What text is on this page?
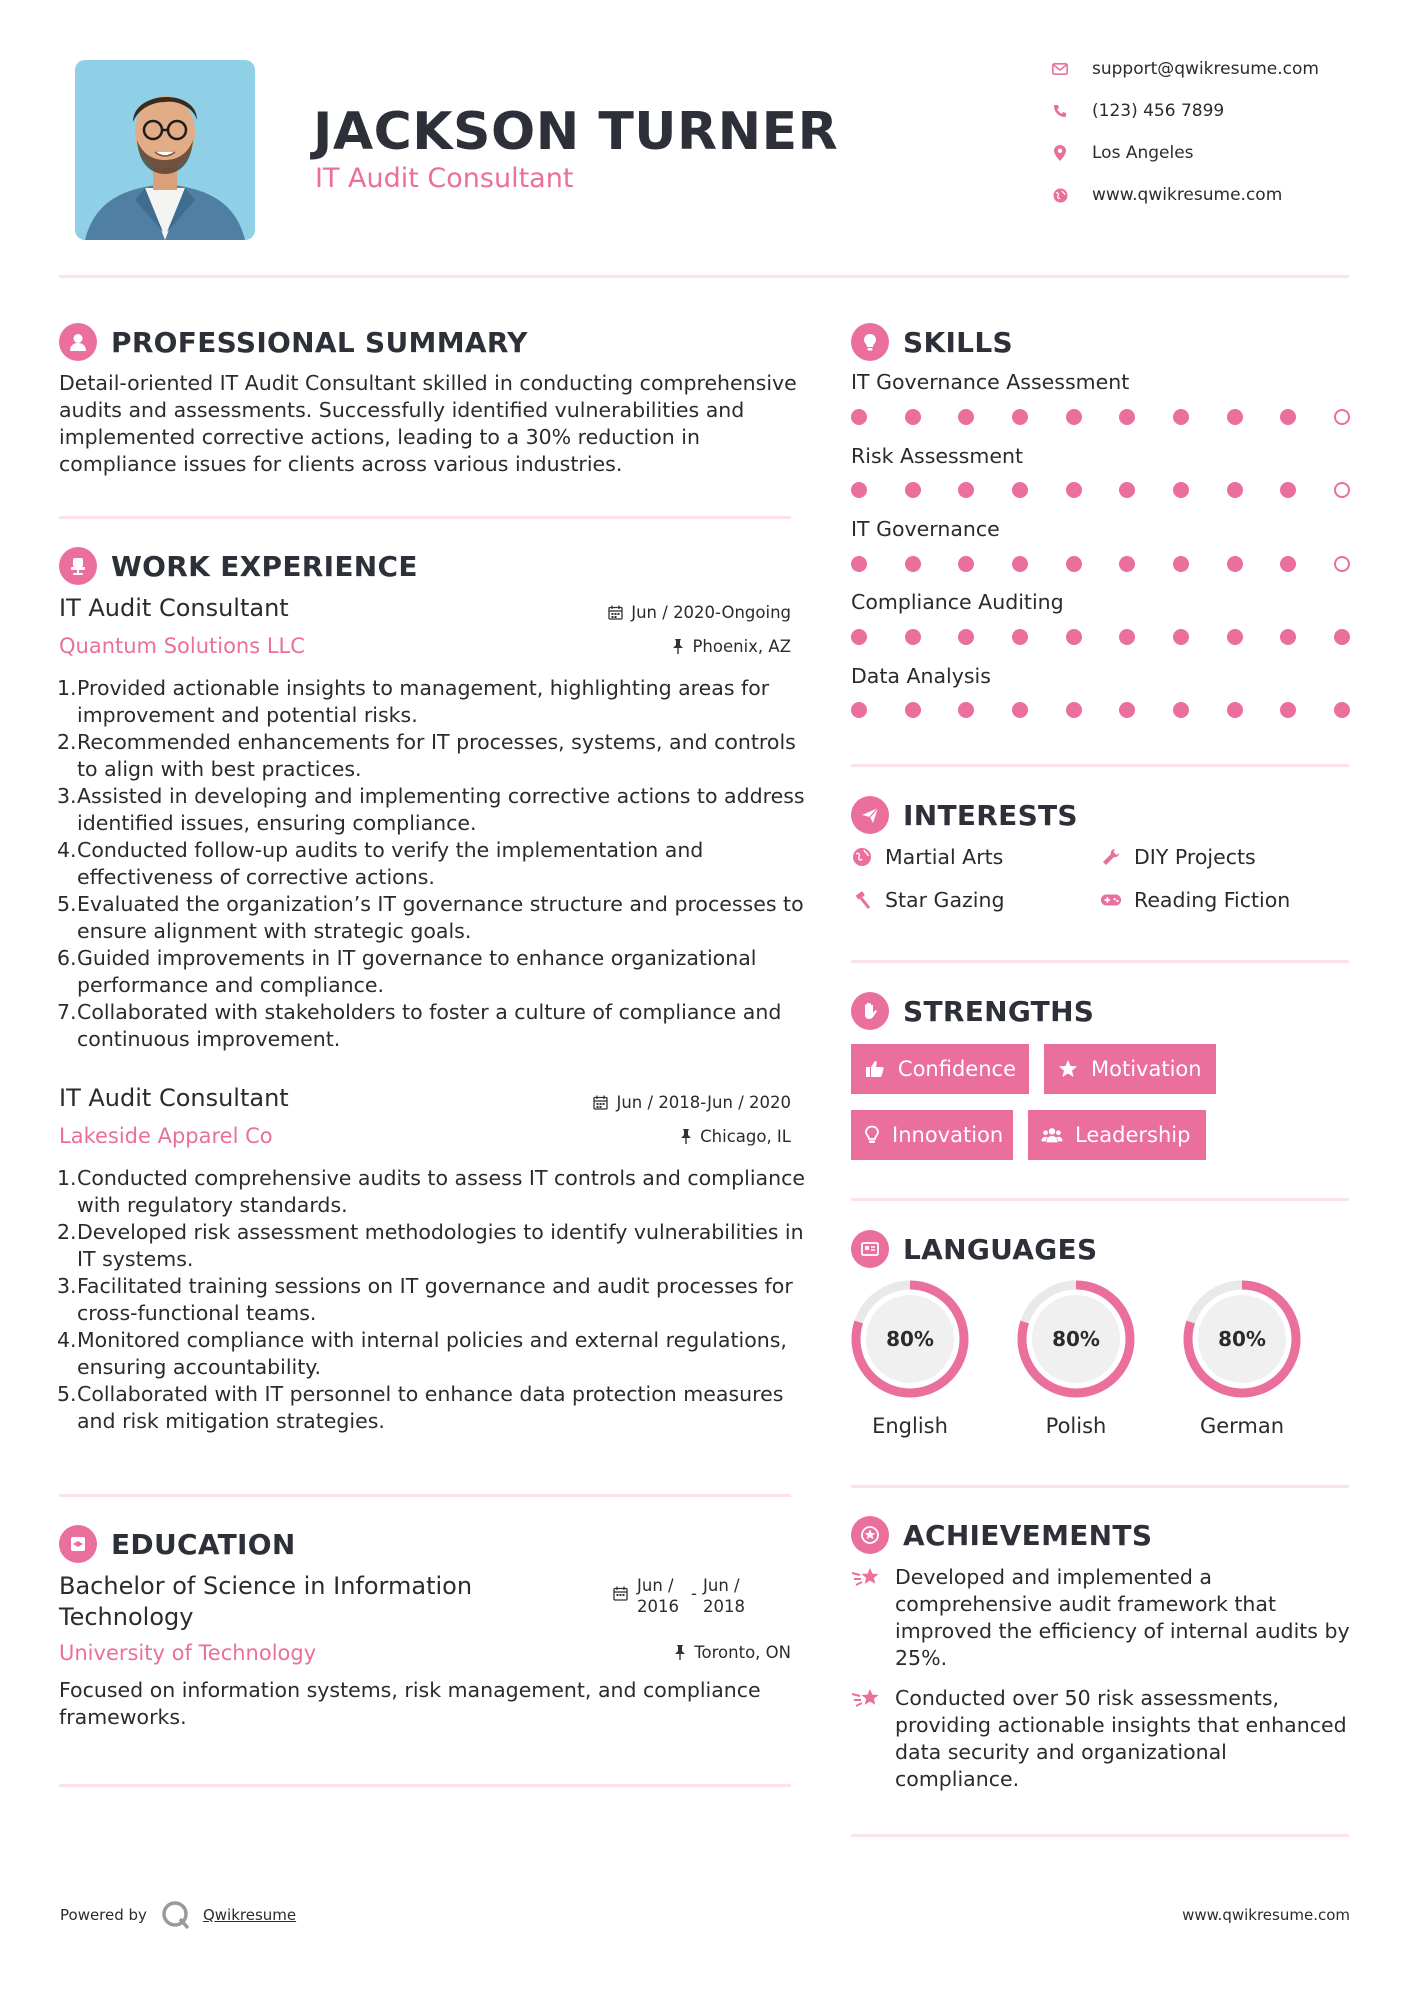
JACKSON TURNER
IT Audit Consultant
support@qwikresume.com
(123) 456 7899
Los Angeles
www.qwikresume.com
PROFESSIONAL SUMMARY
Detail-oriented IT Audit Consultant skilled in conducting comprehensive audits and assessments. Successfully identified vulnerabilities and implemented corrective actions, leading to a 30% reduction in compliance issues for clients across various industries.
WORK EXPERIENCE
IT Audit Consultant	Jun / 2020-Ongoing
Quantum Solutions LLC	Phoenix, AZ
Provided actionable insights to management, highlighting areas for improvement and potential risks.
Recommended enhancements for IT processes, systems, and controls to align with best practices.
Assisted in developing and implementing corrective actions to address identified issues, ensuring compliance.
Conducted follow-up audits to verify the implementation and effectiveness of corrective actions.
Evaluated the organization’s IT governance structure and processes to ensure alignment with strategic goals.
Guided improvements in IT governance to enhance organizational performance and compliance.
Collaborated with stakeholders to foster a culture of compliance and continuous improvement.
IT Audit Consultant	Jun / 2018-Jun / 2020
Lakeside Apparel Co	Chicago, IL
Conducted comprehensive audits to assess IT controls and compliance with regulatory standards.
Developed risk assessment methodologies to identify vulnerabilities in IT systems.
Facilitated training sessions on IT governance and audit processes for cross-functional teams.
Monitored compliance with internal policies and external regulations, ensuring accountability.
Collaborated with IT personnel to enhance data protection measures and risk mitigation strategies.
EDUCATION
Bachelor of Science in Information Technology
Jun / 2016
- Jun / 2018
University of Technology	Toronto, ON
Focused on information systems, risk management, and compliance frameworks.
SKILLS
IT Governance Assessment
Risk Assessment
IT Governance
Compliance Auditing
Data Analysis
INTERESTS
Martial Arts	DIY Projects
Star Gazing	Reading Fiction
STRENGTHS
Confidence	Motivation
Innovation	Leadership
LANGUAGES
80%
English
80%
Polish
80%
German
ACHIEVEMENTS
Developed and implemented a comprehensive audit framework that improved the efficiency of internal audits by 25%.
Conducted over 50 risk assessments, providing actionable insights that enhanced data security and organizational compliance.
Powered by	Qwikresume	www.qwikresume.com
